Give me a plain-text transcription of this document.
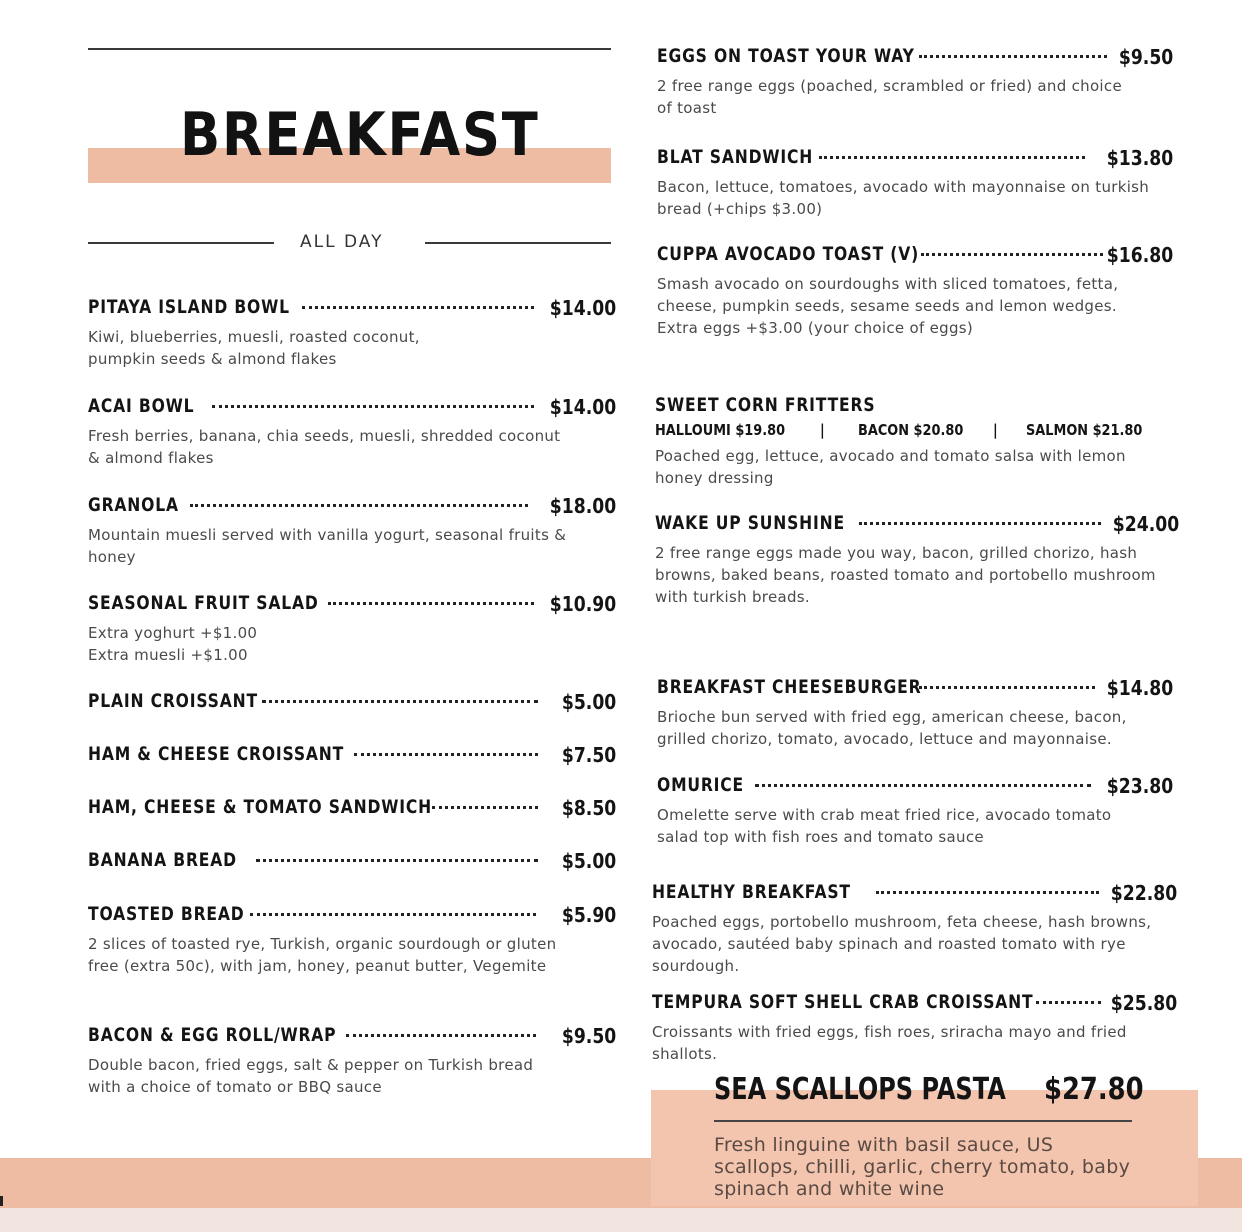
BREAKFAST
ALL DAY
PITAYA ISLAND BOWL	$14.00
Kiwi, blueberries, muesli, roasted coconut, pumpkin seeds & almond flakes
ACAI BOWL	$14.00
Fresh berries, banana, chia seeds, muesli, shredded coconut & almond flakes
GRANOLA	$18.00
Mountain muesli served with vanilla yogurt, seasonal fruits & honey
SEASONAL FRUIT SALAD	$10.90
Extra yoghurt +$1.00
Extra muesli +$1.00
PLAIN CROISSANT	$5.00
HAM & CHEESE CROISSANT	$7.50
HAM, CHEESE & TOMATO SANDWICH	$8.50
BANANA BREAD	$5.00
TOASTED BREAD	$5.90
2 slices of toasted rye, Turkish, organic sourdough or gluten free (extra 50c), with jam, honey, peanut butter, Vegemite
BACON & EGG ROLL/WRAP	$9.50
Double bacon, fried eggs, salt & pepper on Turkish bread with a choice of tomato or BBQ sauce
EGGS ON TOAST YOUR WAY	$9.50
2 free range eggs (poached, scrambled or fried) and choice of toast
BLAT SANDWICH	$13.80
Bacon, lettuce, tomatoes, avocado with mayonnaise on turkish bread (+chips $3.00)
CUPPA AVOCADO TOAST (V)	$16.80
Smash avocado on sourdoughs with sliced tomatoes, fetta, cheese, pumpkin seeds, sesame seeds and lemon wedges. Extra eggs +$3.00 (your choice of eggs)
SWEET CORN FRITTERS
HALLOUMI $19.80 | BACON $20.80 | SALMON $21.80
Poached egg, lettuce, avocado and tomato salsa with lemon honey dressing
WAKE UP SUNSHINE	$24.00
2 free range eggs made you way, bacon, grilled chorizo, hash browns, baked beans, roasted tomato and portobello mushroom with turkish breads.
BREAKFAST CHEESEBURGER	$14.80
Brioche bun served with fried egg, american cheese, bacon, grilled chorizo, tomato, avocado, lettuce and mayonnaise.
OMURICE	$23.80
Omelette serve with crab meat fried rice, avocado tomato salad top with fish roes and tomato sauce
HEALTHY BREAKFAST	$22.80
Poached eggs, portobello mushroom, feta cheese, hash browns, avocado, sautéed baby spinach and roasted tomato with rye sourdough.
TEMPURA SOFT SHELL CRAB CROISSANT	$25.80
Croissants with fried eggs, fish roes, sriracha mayo and fried shallots.
SEA SCALLOPS PASTA $27.80
Fresh linguine with basil sauce, US scallops, chilli, garlic, cherry tomato, baby spinach and white wine
